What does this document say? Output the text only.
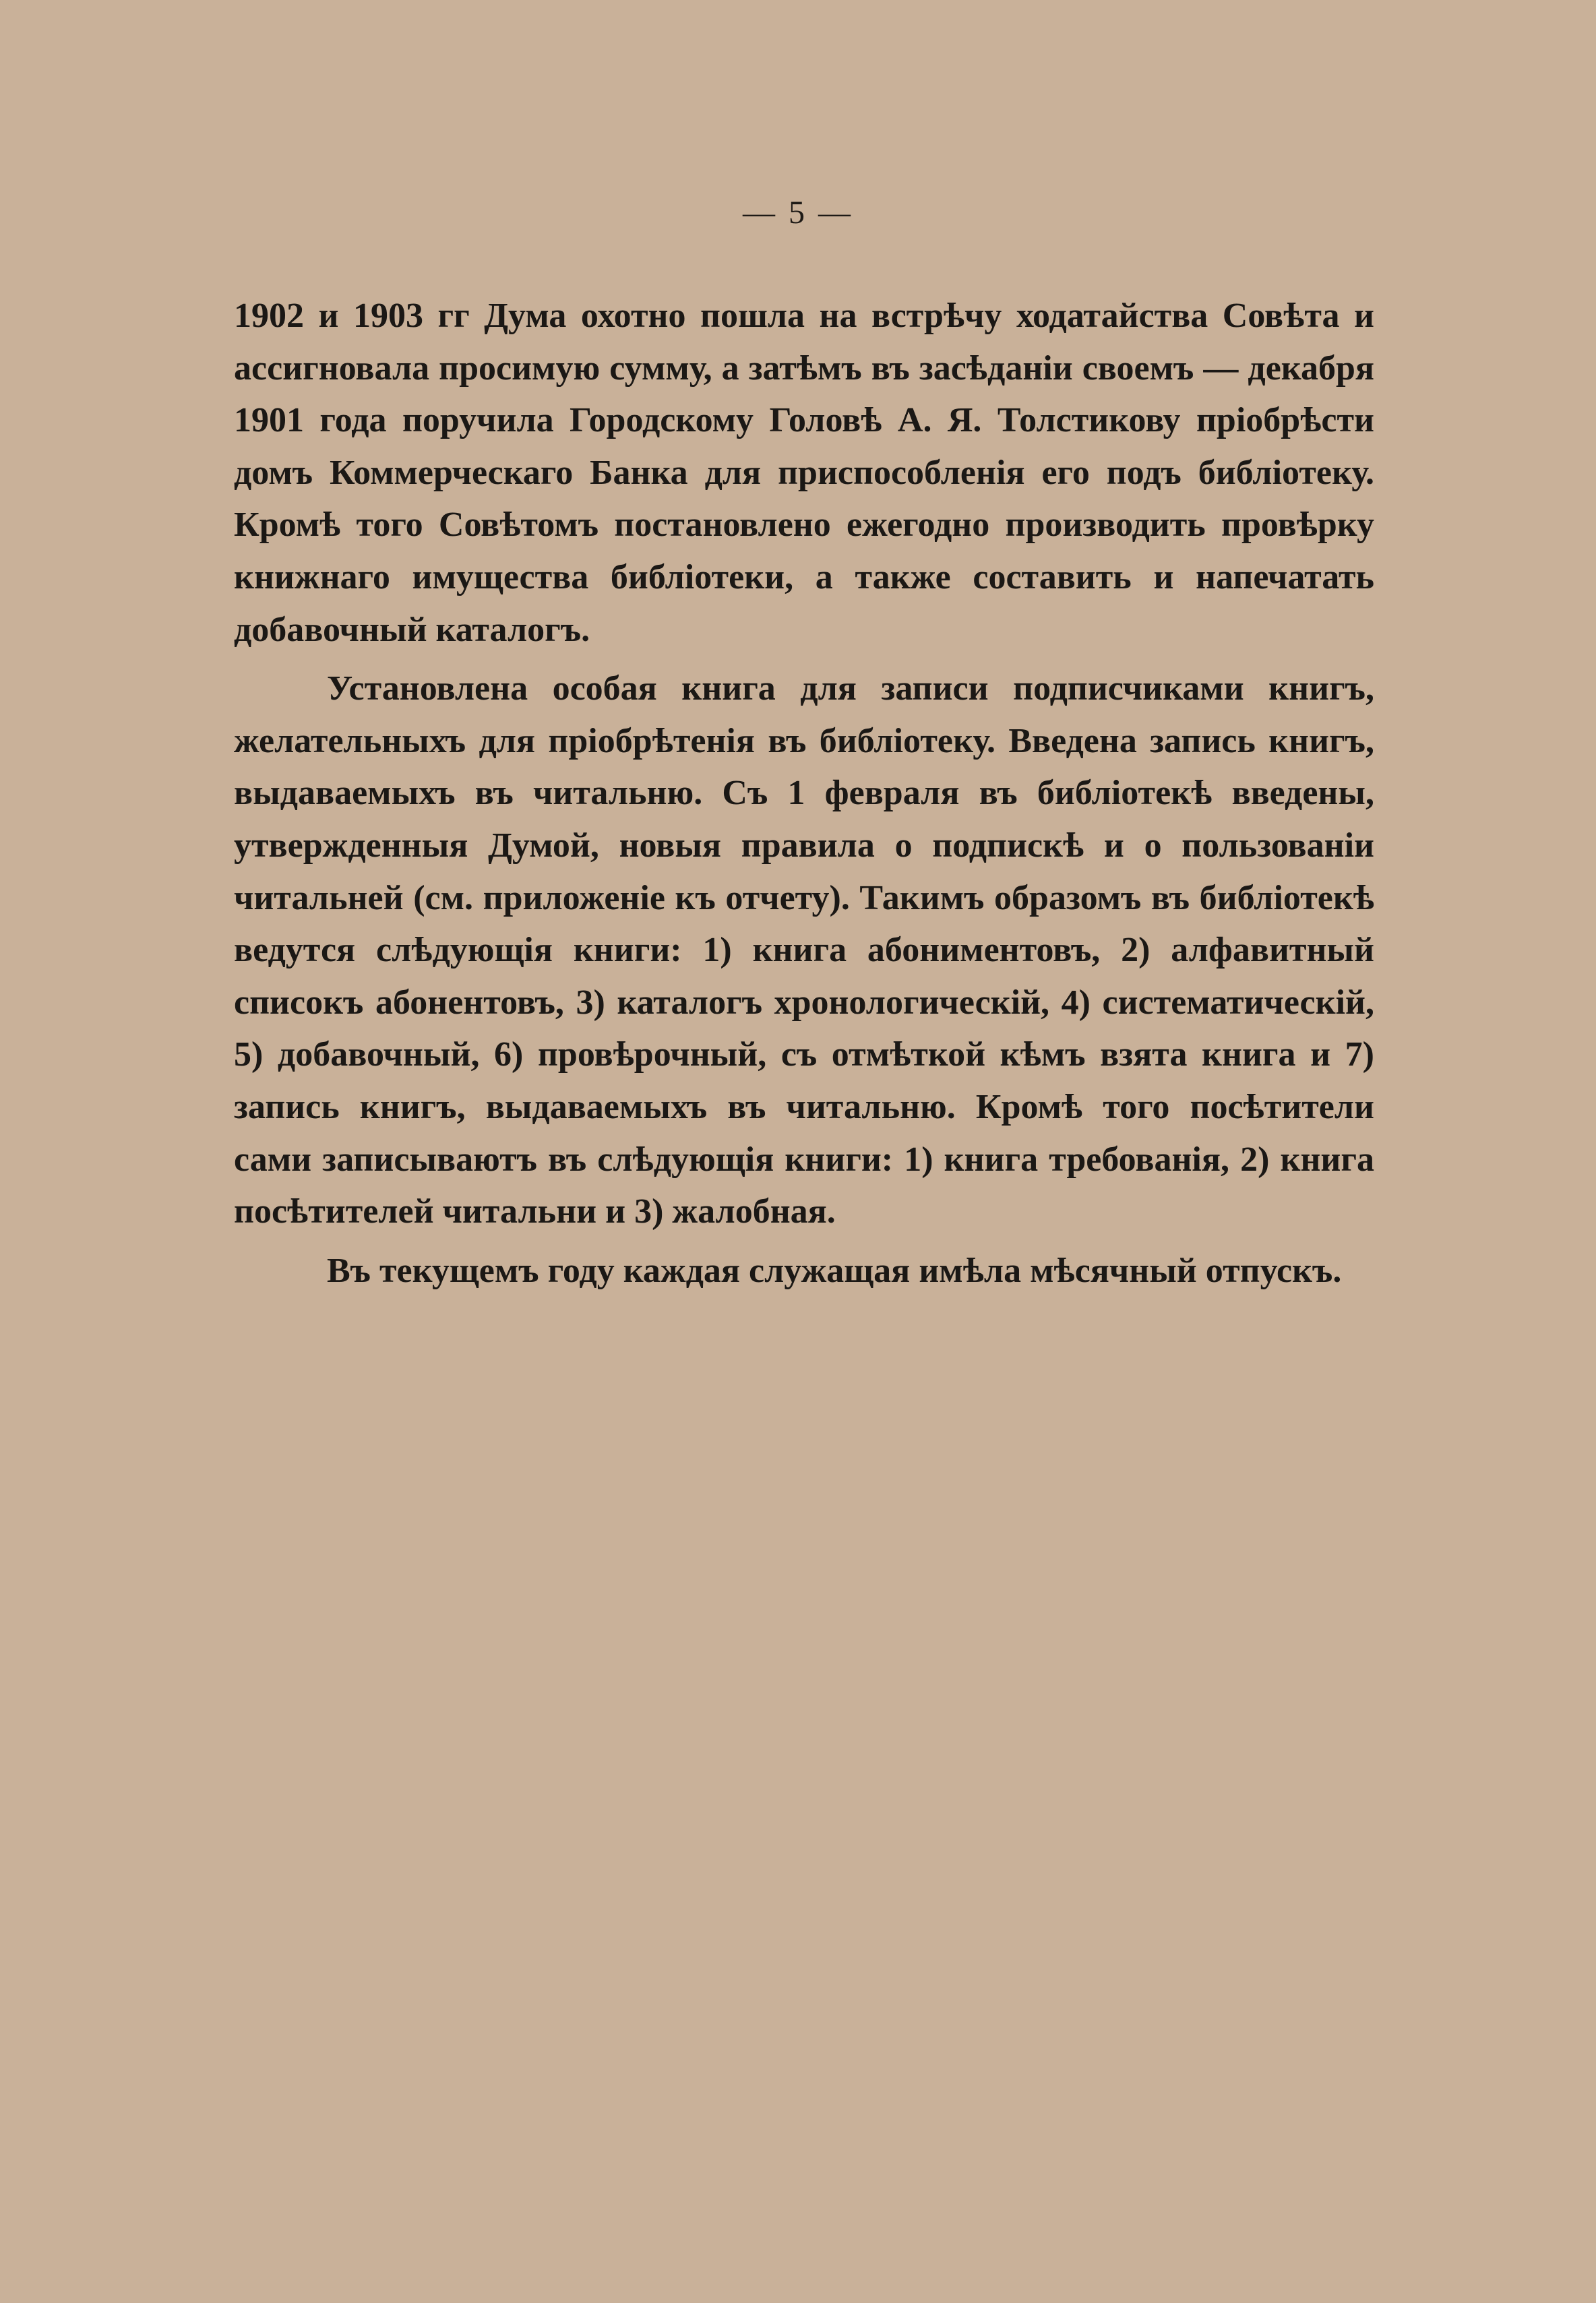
— 5 —

1902 и 1903 гг Дума охотно пошла на встрѣчу ходатайства Совѣта и ассигновала просимую сумму, а затѣмъ въ засѣданiи своемъ — декабря 1901 года поручила Городскому Головѣ А. Я. Толстикову прiобрѣсти домъ Коммерческаго Банка для приспособленiя его подъ библiотеку. Кромѣ того Совѣтомъ постановлено ежегодно производить провѣрку книжнаго имущества библiотеки, а также составить и напечатать добавочный каталогъ.

Установлена особая книга для записи подписчиками книгъ, желательныхъ для прiобрѣтенiя въ библiотеку. Введена запись книгъ, выдаваемыхъ въ читальню. Съ 1 февраля въ библiотекѣ введены, утвержденныя Думой, новыя правила о подпискѣ и о пользованiи читальней (см. приложенiе къ отчету). Такимъ образомъ въ библiотекѣ ведутся слѣдующiя книги: 1) книга абониментовъ, 2) алфавитный списокъ абонентовъ, 3) каталогъ хронологическiй, 4) систематическiй, 5) добавочный, 6) провѣрочный, съ отмѣткой кѣмъ взята книга и 7) запись книгъ, выдаваемыхъ въ читальню. Кромѣ того посѣтители сами записываютъ въ слѣдующiя книги: 1) книга требованiя, 2) книга посѣтителей читальни и 3) жалобная.

Въ текущемъ году каждая служащая имѣла мѣсячный отпускъ.
